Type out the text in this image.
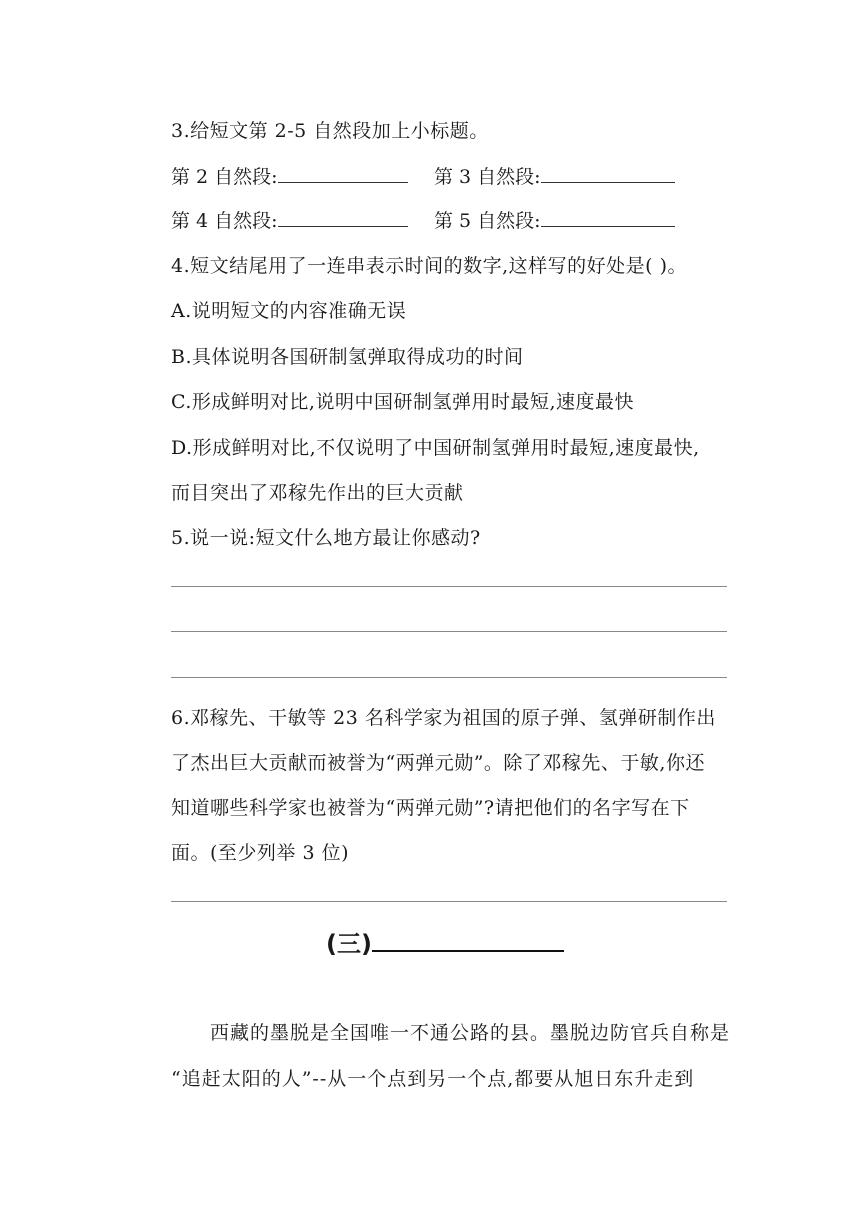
3.给短文第 2-5 自然段加上小标题。
第 2 自然段:	第 3 自然段:
第 4 自然段:	第 5 自然段:
4.短文结尾用了一连串表示时间的数字,这样写的好处是( )。
A.说明短文的内容准确无误
B.具体说明各国研制氢弹取得成功的时间
C.形成鲜明对比,说明中国研制氢弹用时最短,速度最快
D.形成鲜明对比,不仅说明了中国研制氢弹用时最短,速度最快,
而目突出了邓稼先作出的巨大贡献
5.说一说:短文什么地方最让你感动?
6.邓稼先、干敏等 23 名科学家为祖国的原子弹、氢弹研制作出
了杰出巨大贡献而被誉为“两弹元勋”。除了邓稼先、于敏,你还
知道哪些科学家也被誉为“两弹元勋”?请把他们的名字写在下
面。(至少列举 3 位)
(三)
西藏的墨脱是全国唯一不通公路的县。墨脱边防官兵自称是
“追赶太阳的人”--从一个点到另一个点,都要从旭日东升走到
